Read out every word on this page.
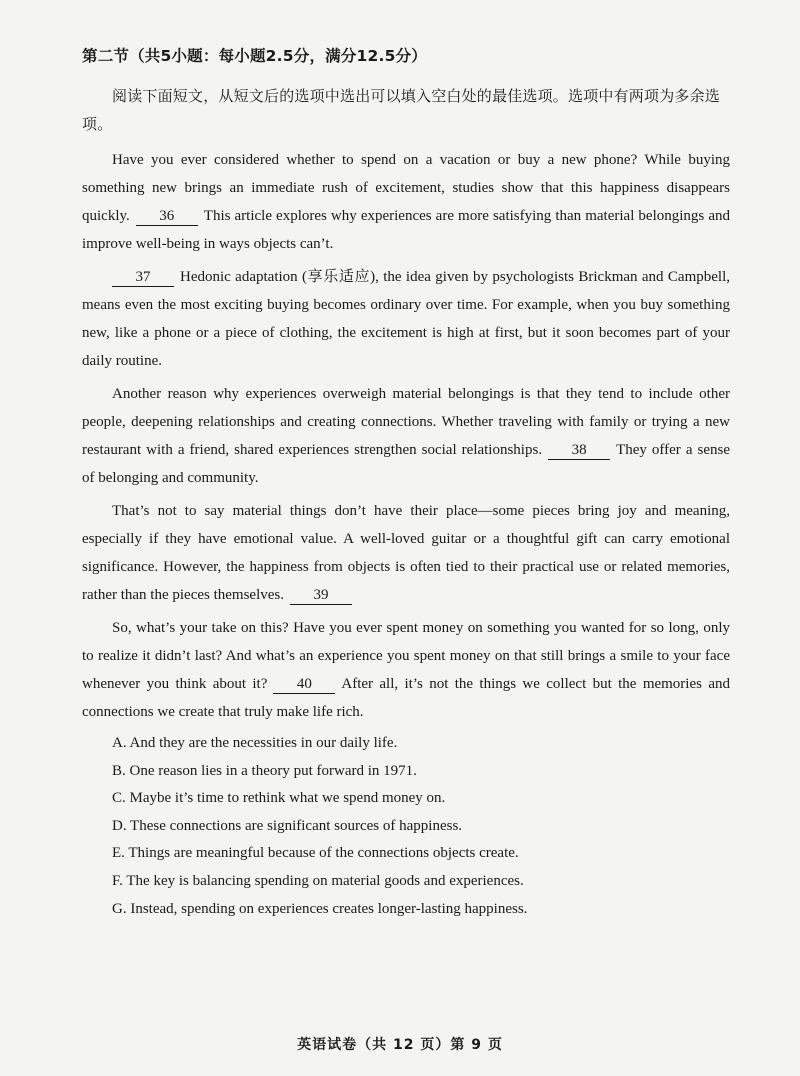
第二节（共5小题：每小题2.5分，满分12.5分）
阅读下面短文，从短文后的选项中选出可以填入空白处的最佳选项。选项中有两项为多余选项。

Have you ever considered whether to spend on a vacation or buy a new phone? While buying something new brings an immediate rush of excitement, studies show that this happiness disappears quickly. 36 This article explores why experiences are more satisfying than material belongings and improve well-being in ways objects can’t.

37 Hedonic adaptation (享乐适应), the idea given by psychologists Brickman and Campbell, means even the most exciting buying becomes ordinary over time. For example, when you buy something new, like a phone or a piece of clothing, the excitement is high at first, but it soon becomes part of your daily routine.

Another reason why experiences overweigh material belongings is that they tend to include other people, deepening relationships and creating connections. Whether traveling with family or trying a new restaurant with a friend, shared experiences strengthen social relationships. 38 They offer a sense of belonging and community.

That’s not to say material things don’t have their place—some pieces bring joy and meaning, especially if they have emotional value. A well-loved guitar or a thoughtful gift can carry emotional significance. However, the happiness from objects is often tied to their practical use or related memories, rather than the pieces themselves. 39

So, what’s your take on this? Have you ever spent money on something you wanted for so long, only to realize it didn’t last? And what’s an experience you spent money on that still brings a smile to your face whenever you think about it? 40 After all, it’s not the things we collect but the memories and connections we create that truly make life rich.

A. And they are the necessities in our daily life.

B. One reason lies in a theory put forward in 1971.

C. Maybe it’s time to rethink what we spend money on.

D. These connections are significant sources of happiness.

E. Things are meaningful because of the connections objects create.

F. The key is balancing spending on material goods and experiences.

G. Instead, spending on experiences creates longer-lasting happiness.

英语试卷（共 12 页）第 9 页
